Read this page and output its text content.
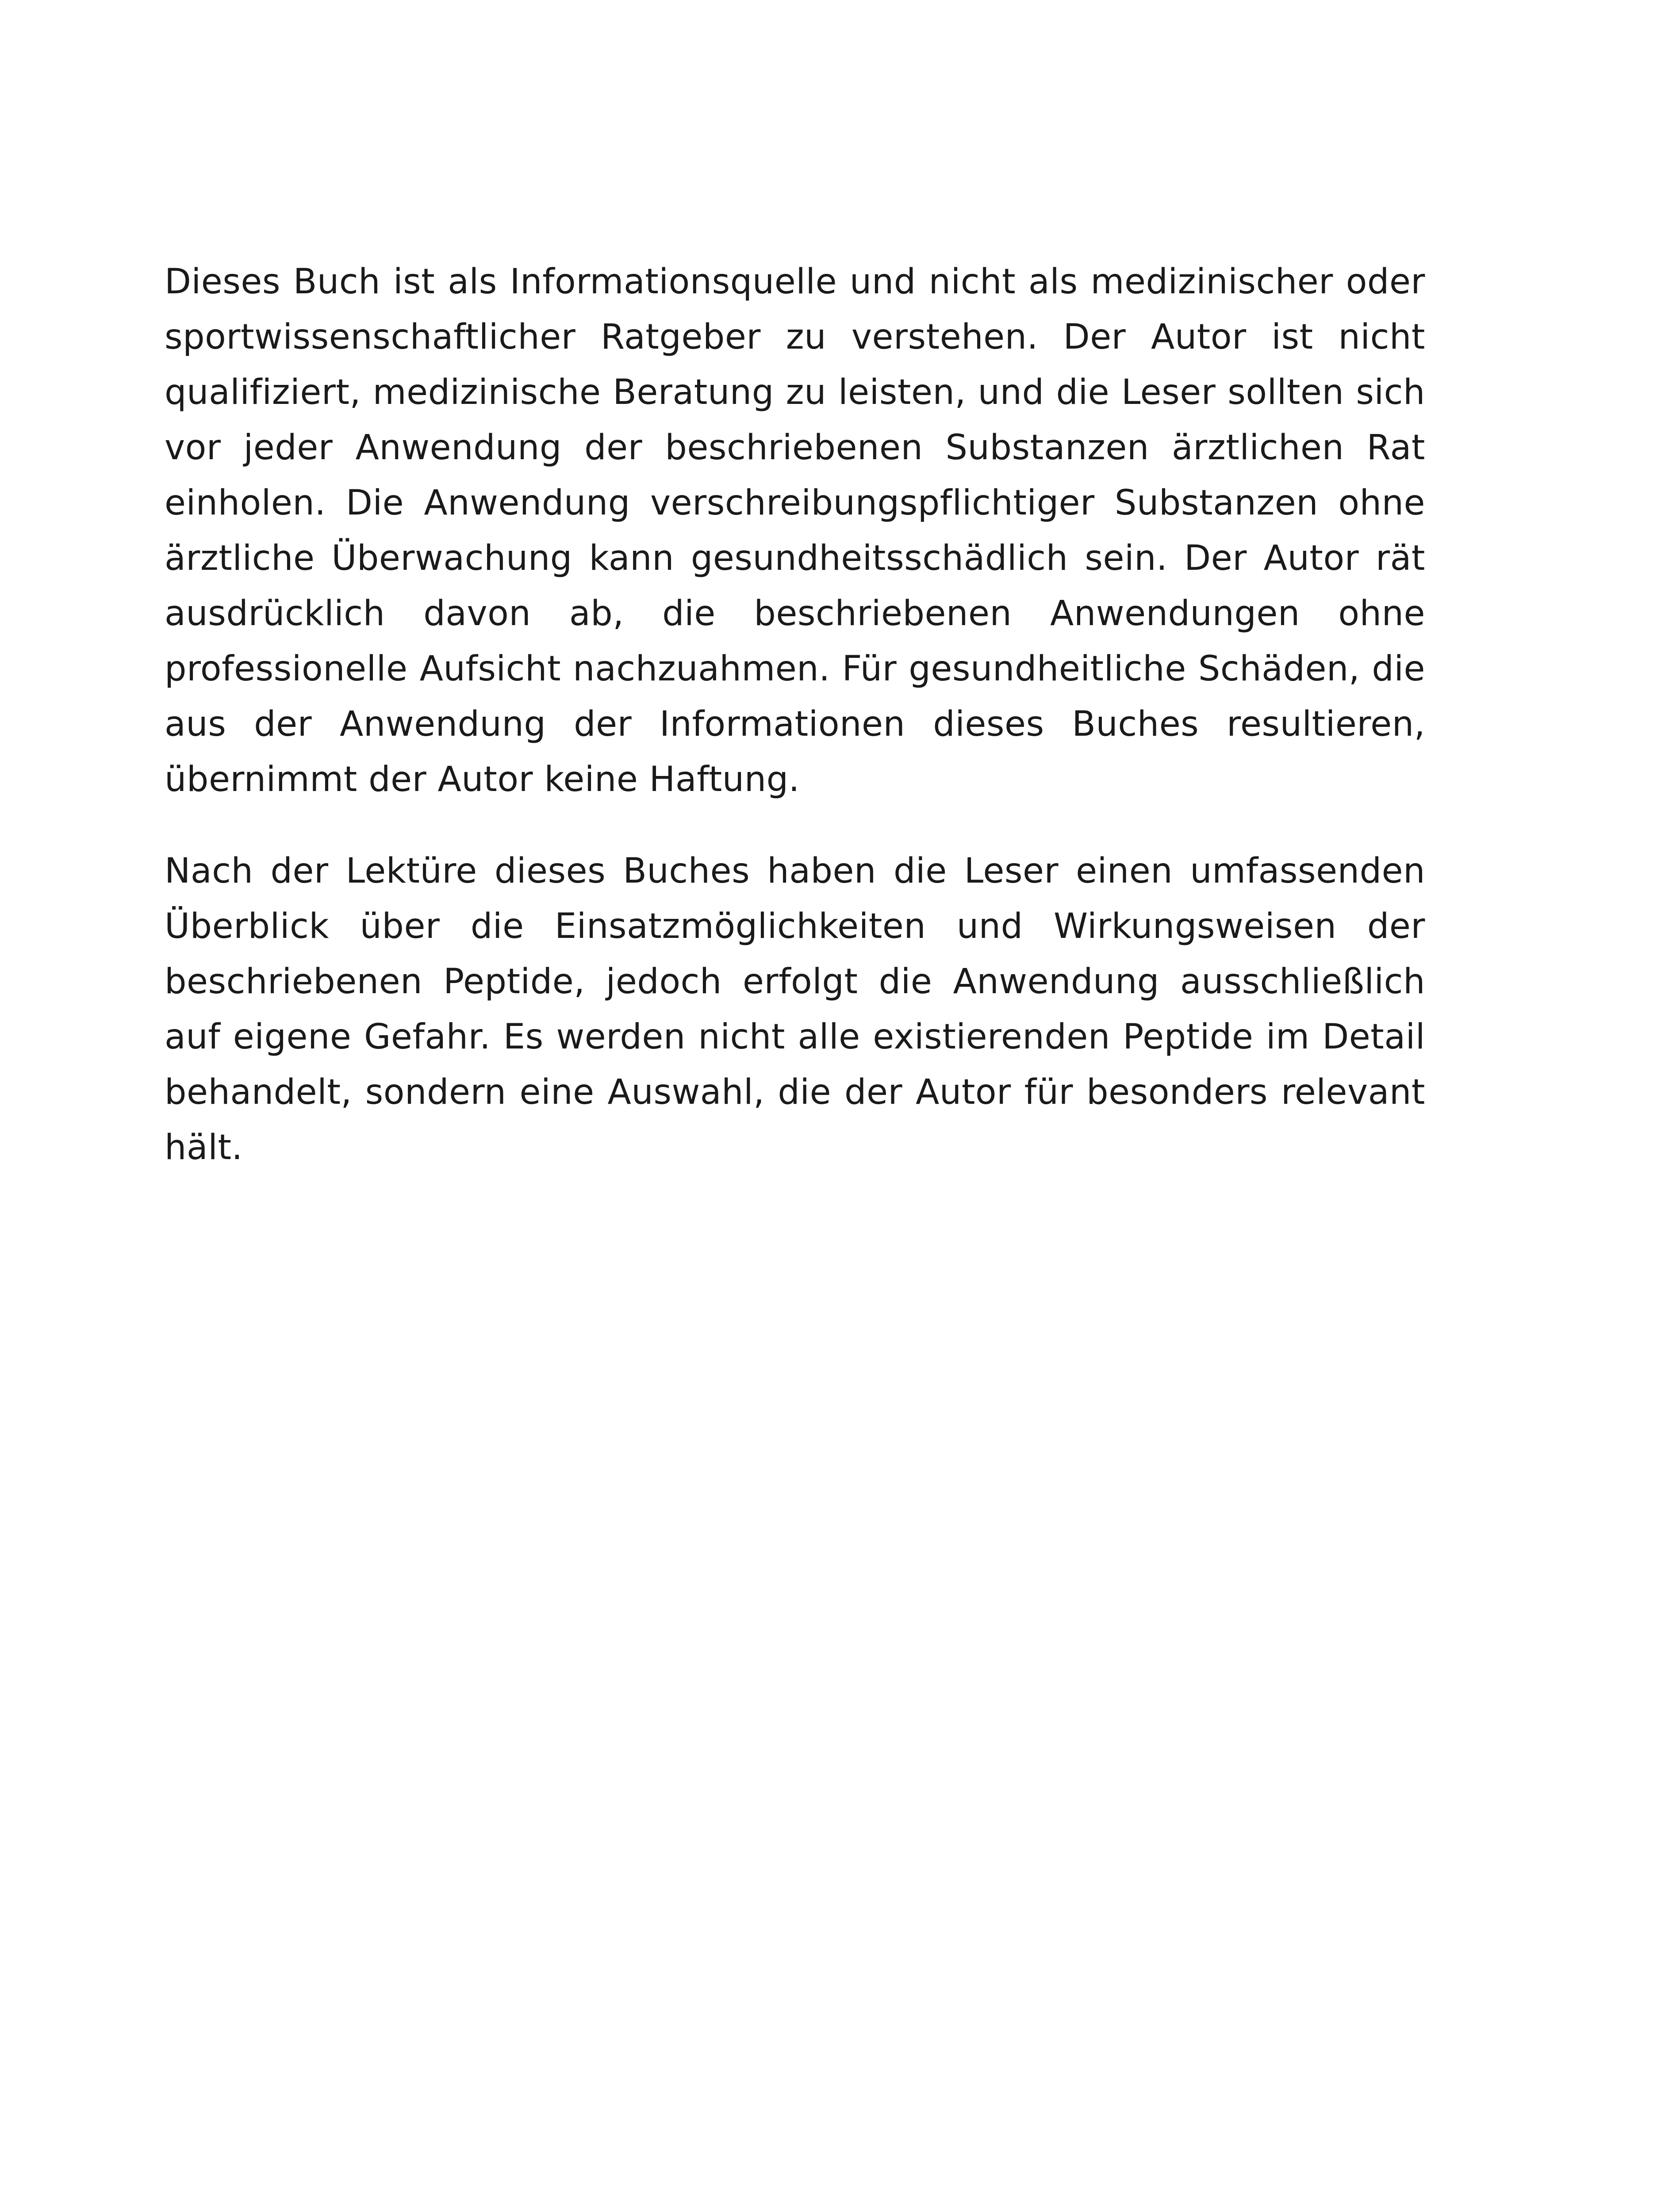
Dieses Buch ist als Informationsquelle und nicht als medizinischer oder sportwissenschaftlicher Ratgeber zu verstehen. Der Autor ist nicht qualifiziert, medizinische Beratung zu leisten, und die Leser sollten sich vor jeder Anwendung der beschriebenen Substanzen ärztlichen Rat einholen. Die Anwendung verschreibungspflichtiger Substanzen ohne ärztliche Überwachung kann gesundheitsschädlich sein. Der Autor rät ausdrücklich davon ab, die beschriebenen Anwendungen ohne professionelle Aufsicht nachzuahmen. Für gesundheitliche Schäden, die aus der Anwendung der Informationen dieses Buches resultieren, übernimmt der Autor keine Haftung.

Nach der Lektüre dieses Buches haben die Leser einen umfassenden Überblick über die Einsatzmöglichkeiten und Wirkungsweisen der beschriebenen Peptide, jedoch erfolgt die Anwendung ausschließlich auf eigene Gefahr. Es werden nicht alle existierenden Peptide im Detail behandelt, sondern eine Auswahl, die der Autor für besonders relevant hält.
